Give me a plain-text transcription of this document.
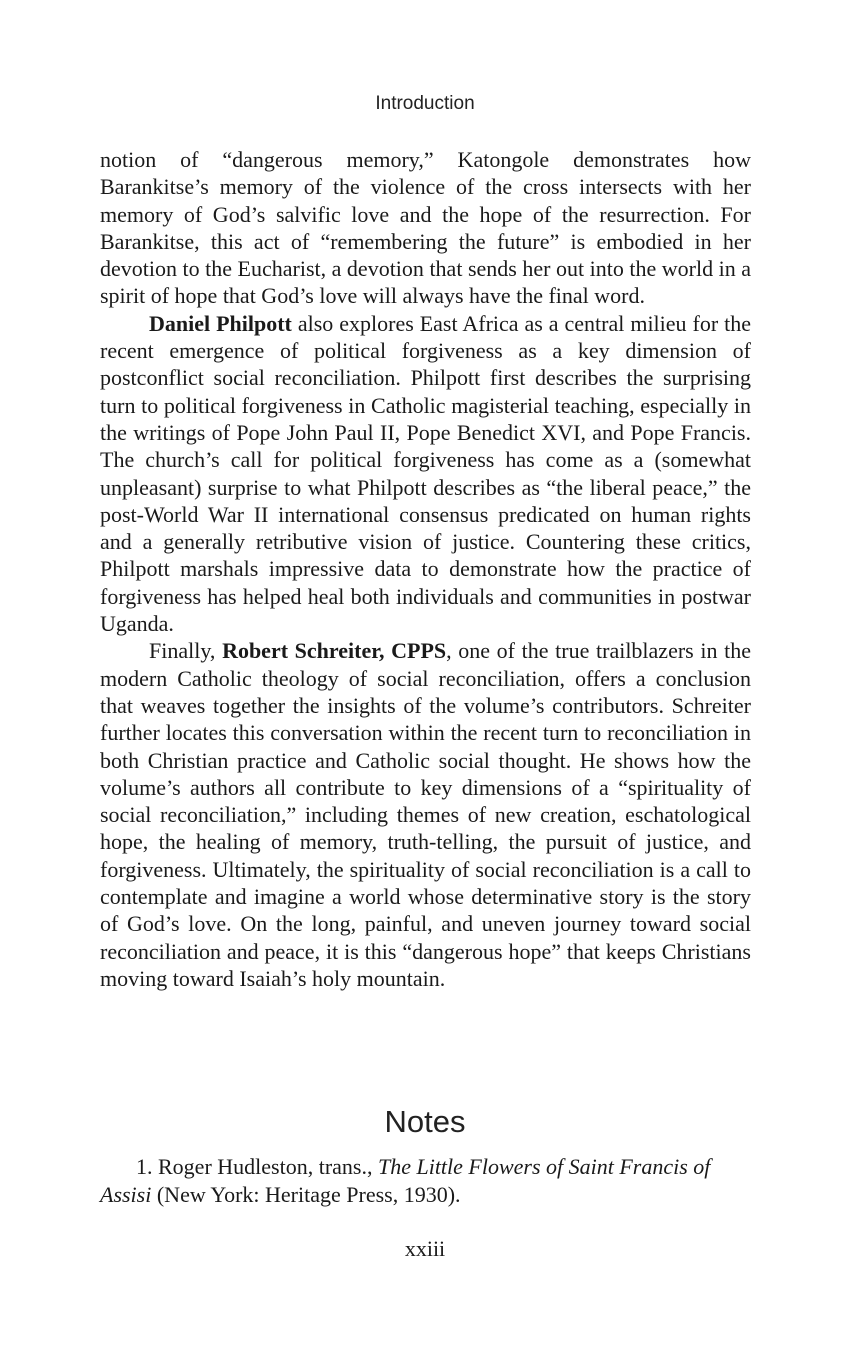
Introduction

notion of “dangerous memory,” Katongole demonstrates how Barankitse’s memory of the violence of the cross intersects with her memory of God’s salvific love and the hope of the resurrection. For Barankitse, this act of “remembering the future” is embodied in her devotion to the Eucharist, a devotion that sends her out into the world in a spirit of hope that God’s love will always have the final word.

Daniel Philpott also explores East Africa as a central milieu for the recent emergence of political forgiveness as a key dimension of postconflict social reconciliation. Philpott first describes the surprising turn to political forgiveness in Catholic magisterial teaching, especially in the writings of Pope John Paul II, Pope Benedict XVI, and Pope Francis. The church’s call for political forgiveness has come as a (somewhat unpleasant) surprise to what Philpott describes as “the liberal peace,” the post-World War II international consensus predicated on human rights and a generally retributive vision of justice. Countering these critics, Philpott marshals impressive data to demonstrate how the practice of forgiveness has helped heal both individuals and communities in postwar Uganda.

Finally, Robert Schreiter, CPPS, one of the true trailblazers in the modern Catholic theology of social reconciliation, offers a conclusion that weaves together the insights of the volume’s contributors. Schreiter further locates this conversation within the recent turn to reconciliation in both Christian practice and Catholic social thought. He shows how the volume’s authors all contribute to key dimensions of a “spirituality of social reconciliation,” including themes of new creation, eschatological hope, the healing of memory, truth-telling, the pursuit of justice, and forgiveness. Ultimately, the spirituality of social reconciliation is a call to contemplate and imagine a world whose determinative story is the story of God’s love. On the long, painful, and uneven journey toward social reconciliation and peace, it is this “dangerous hope” that keeps Christians moving toward Isaiah’s holy mountain.

Notes
1. Roger Hudleston, trans., The Little Flowers of Saint Francis of Assisi (New York: Heritage Press, 1930).
xxiii
